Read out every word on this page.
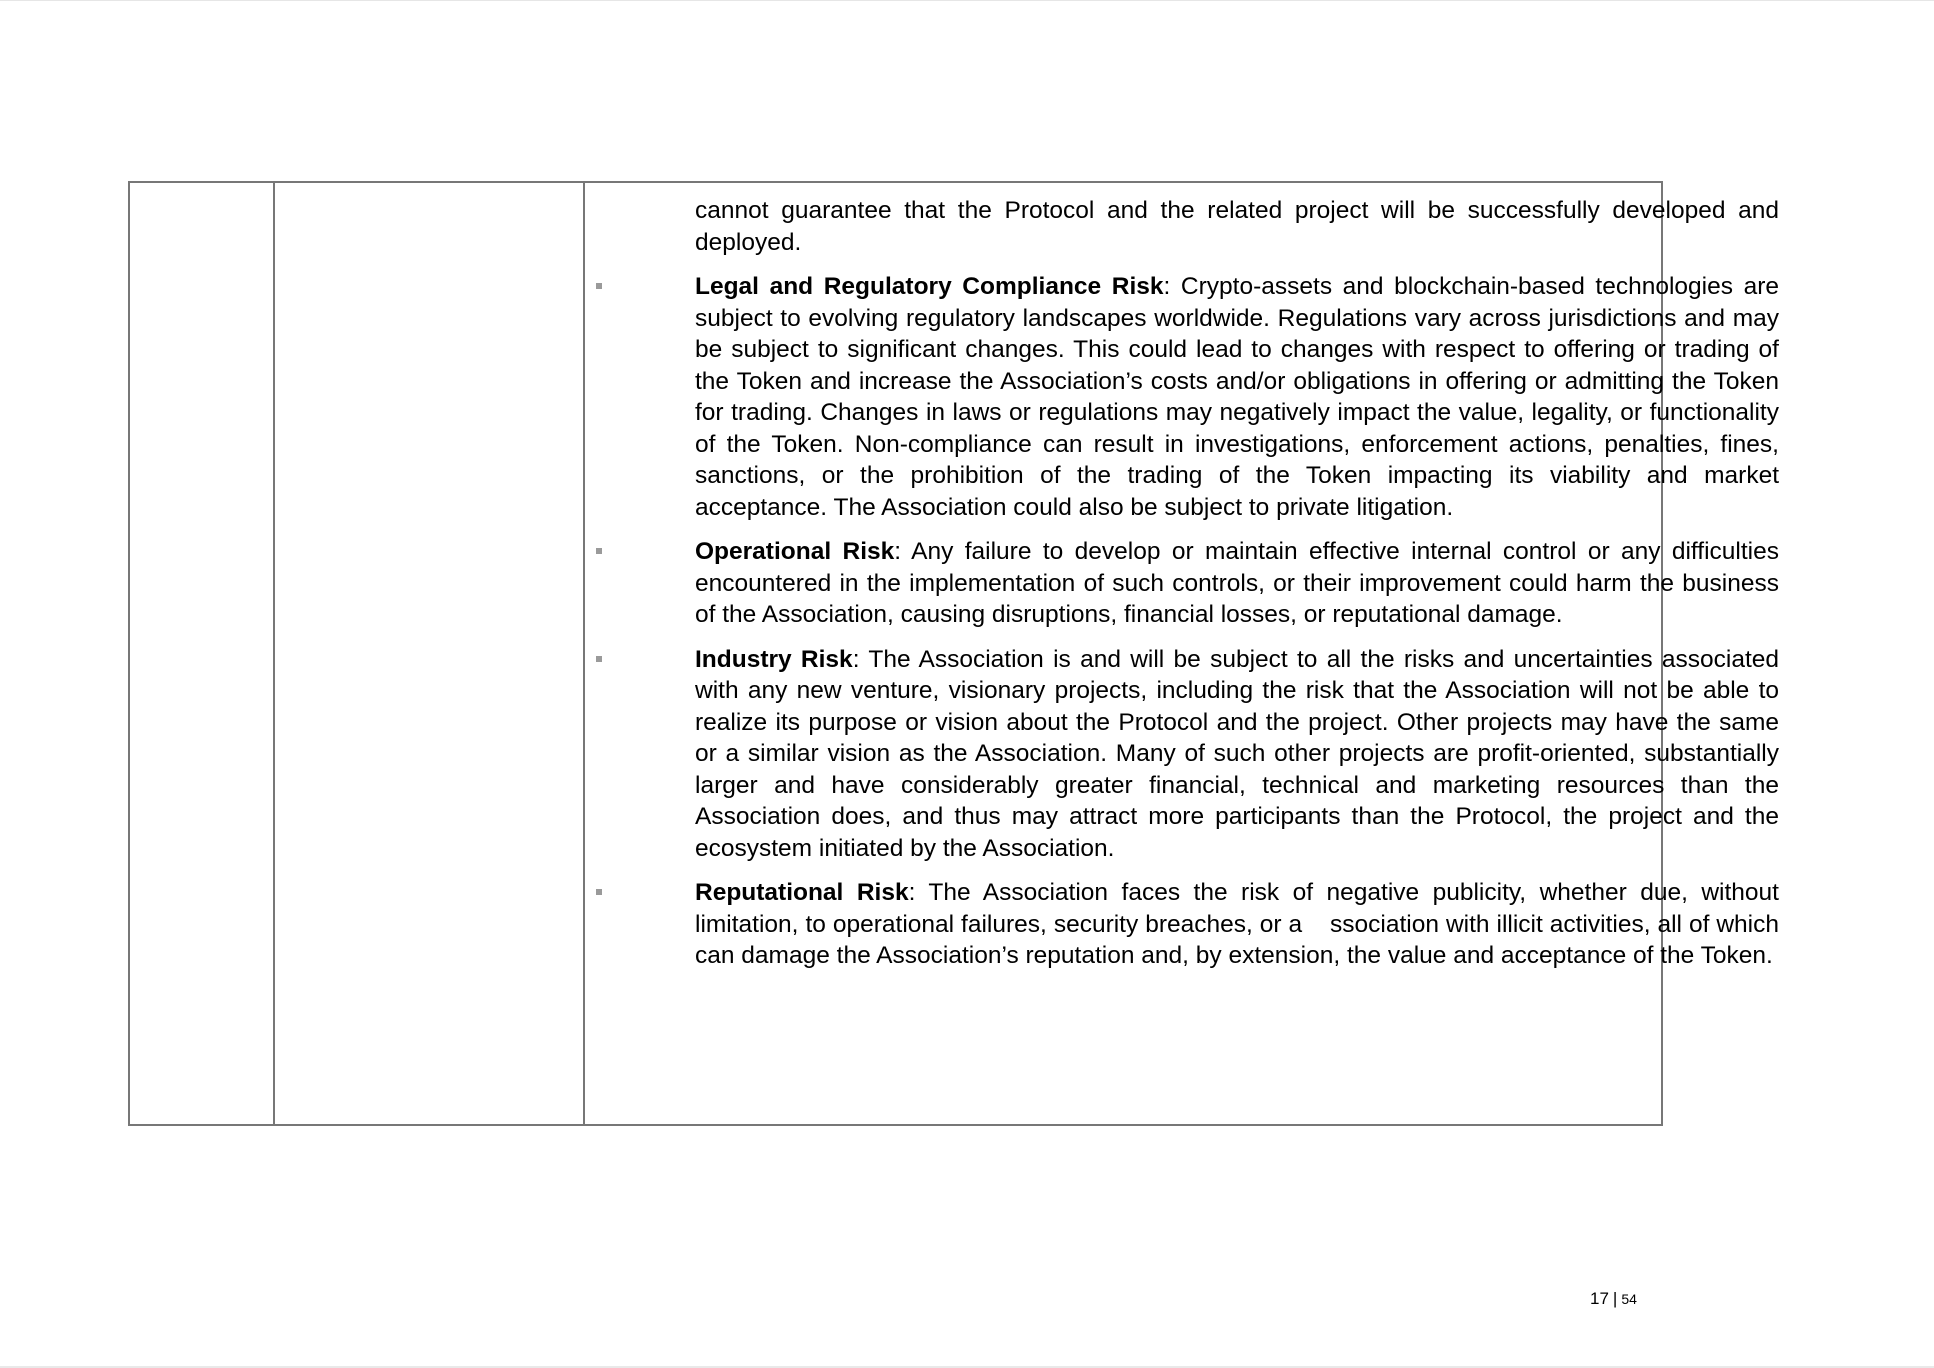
cannot guarantee that the Protocol and the related project will be successfully developed and deployed.

Legal and Regulatory Compliance Risk: Crypto-assets and blockchain-based technologies are subject to evolving regulatory landscapes worldwide. Regulations vary across jurisdictions and may be subject to significant changes. This could lead to changes with respect to offering or trading of the Token and increase the Association’s costs and/or obligations in offering or admitting the Token for trading. Changes in laws or regulations may negatively impact the value, legality, or functionality of the Token. Non-compliance can result in investigations, enforcement actions, penalties, fines, sanctions, or the prohibition of the trading of the Token impacting its viability and market acceptance. The Association could also be subject to private litigation.

Operational Risk: Any failure to develop or maintain effective internal control or any difficulties encountered in the implementation of such controls, or their improvement could harm the business of the Association, causing disruptions, financial losses, or reputational damage.

Industry Risk: The Association is and will be subject to all the risks and uncertainties associated with any new venture, visionary projects, including the risk that the Association will not be able to realize its purpose or vision about the Protocol and the project. Other projects may have the same or a similar vision as the Association. Many of such other projects are profit-oriented, substantially larger and have considerably greater financial, technical and marketing resources than the Association does, and thus may attract more participants than the Protocol, the project and the ecosystem initiated by the Association.

Reputational Risk: The Association faces the risk of negative publicity, whether due, without limitation, to operational failures, security breaches, or a    ssociation with illicit activities, all of which can damage the Association’s reputation and, by extension, the value and acceptance of the Token.

17 | 54
